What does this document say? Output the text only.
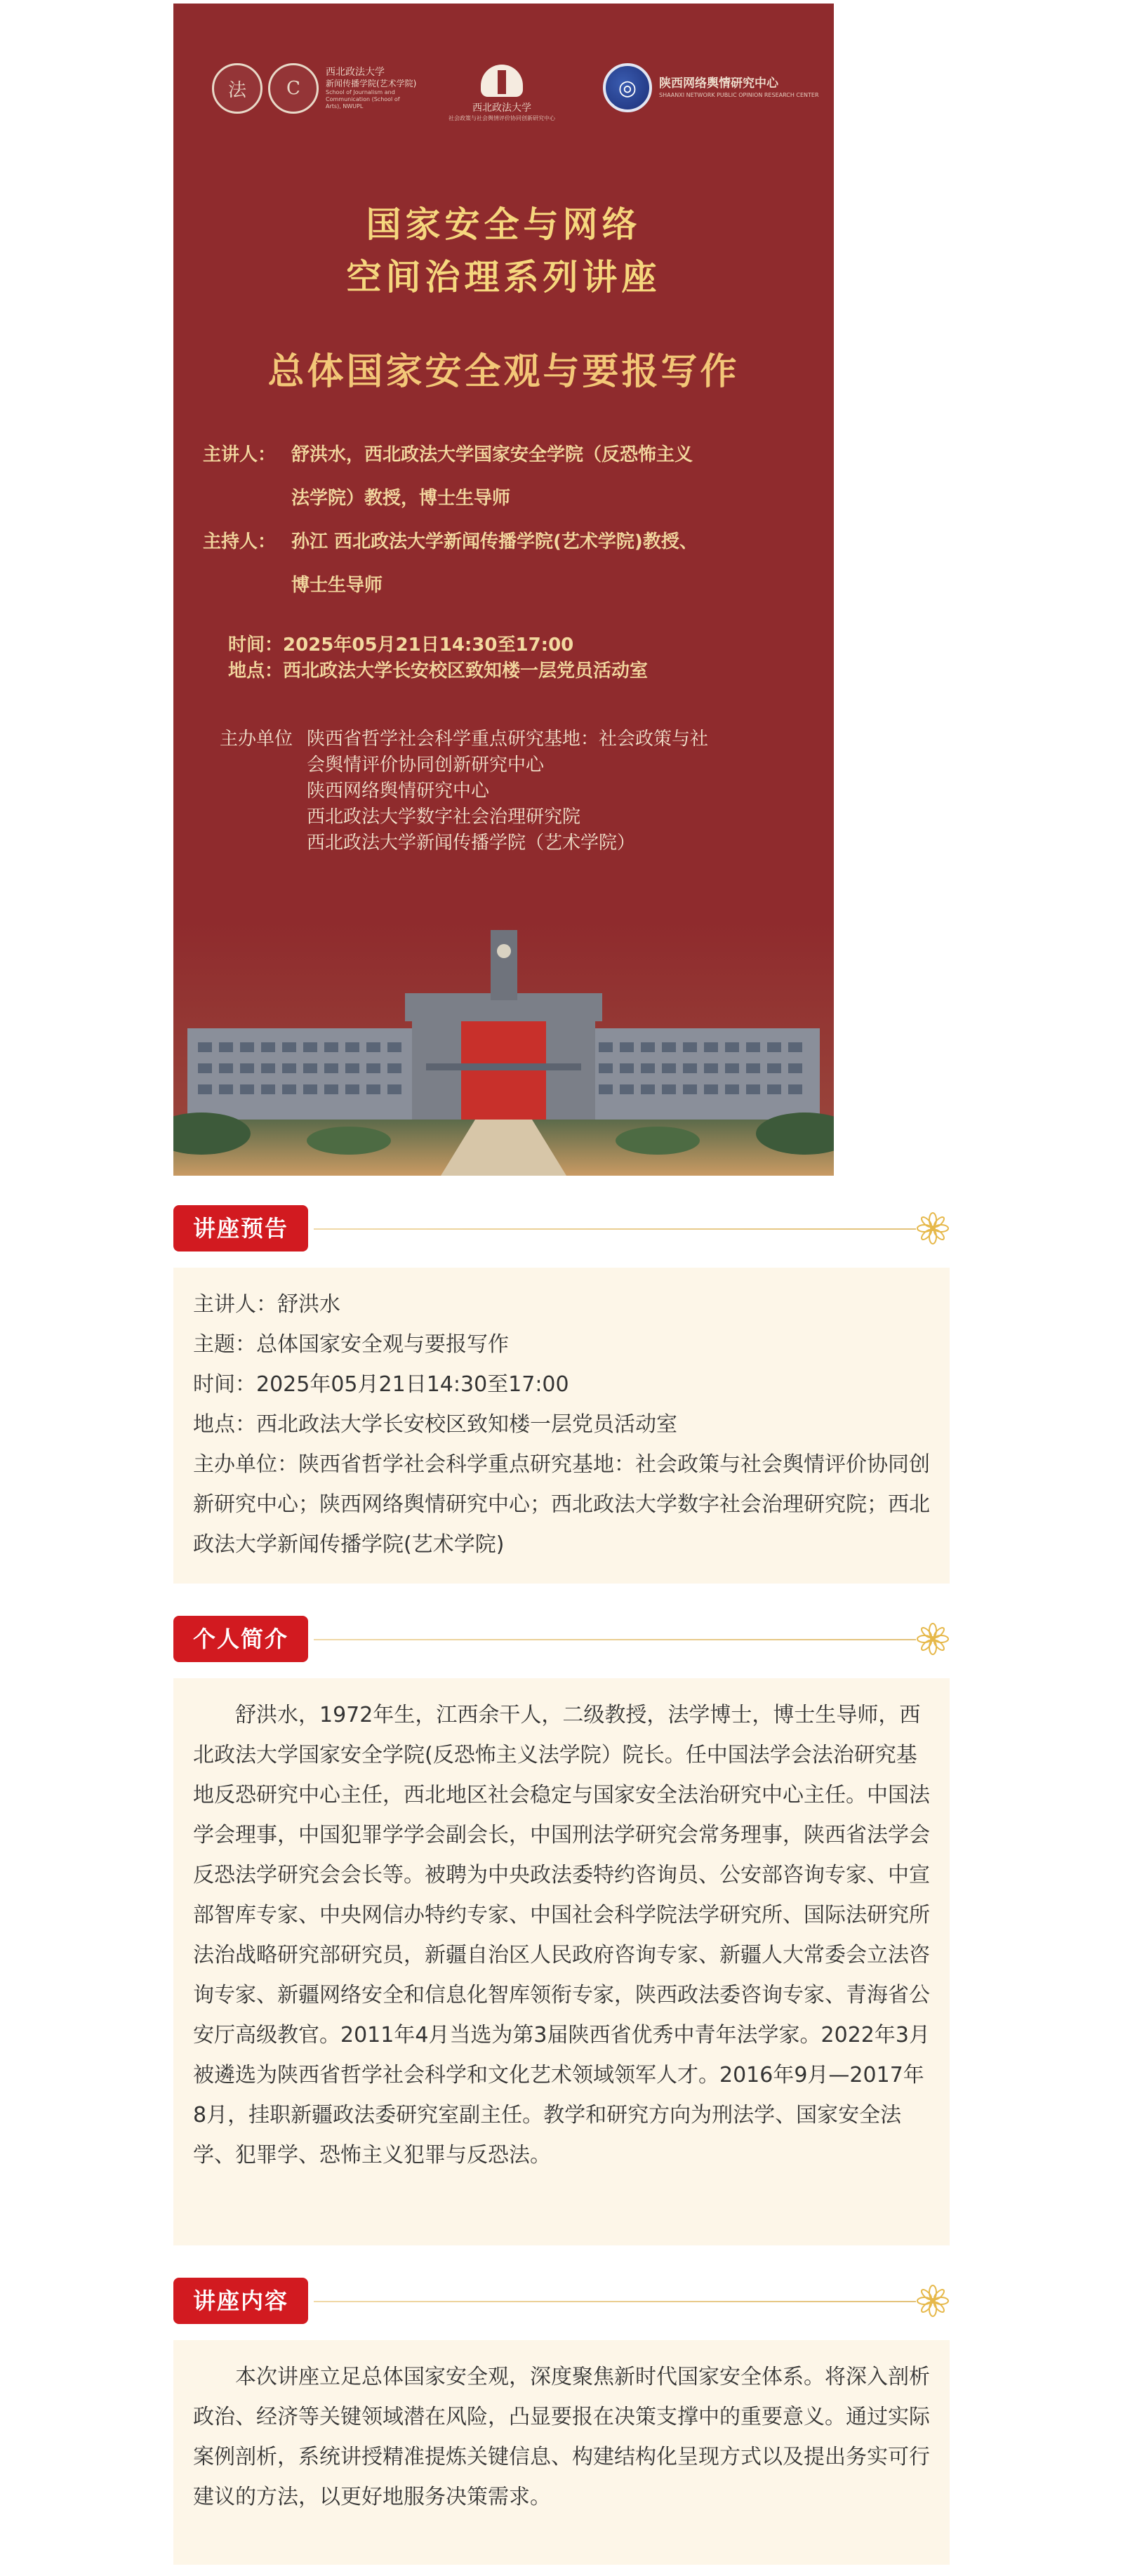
法	C
西北政法大学
新闻传播学院(艺术学院)
School of Journalism and Communication (School of Arts), NWUPL	西北政法大学
社会政策与社会舆情评价协同创新研究中心
◎	陕西网络舆情研究中心
SHAANXI NETWORK PUBLIC OPINION RESEARCH CENTER
国家安全与网络
空间治理系列讲座
总体国家安全观与要报写作
主讲人： 舒洪水，西北政法大学国家安全学院（反恐怖主义
法学院）教授，博士生导师
主持人： 孙江 西北政法大学新闻传播学院(艺术学院)教授、
博士生导师
时间：2025年05月21日14:30至17:00
地点：西北政法大学长安校区致知楼一层党员活动室
主办单位 陕西省哲学社会科学重点研究基地：社会政策与社
会舆情评价协同创新研究中心
陕西网络舆情研究中心
西北政法大学数字社会治理研究院
西北政法大学新闻传播学院（艺术学院）
讲座预告

主讲人：舒洪水

主题：总体国家安全观与要报写作

时间：2025年05月21日14:30至17:00

地点：西北政法大学长安校区致知楼一层党员活动室

主办单位：陕西省哲学社会科学重点研究基地：社会政策与社会舆情评价协同创新研究中心；陕西网络舆情研究中心；西北政法大学数字社会治理研究院；西北政法大学新闻传播学院(艺术学院)

个人简介

舒洪水，1972年生，江西余干人，二级教授，法学博士，博士生导师，西北政法大学国家安全学院(反恐怖主义法学院）院长。任中国法学会法治研究基地反恐研究中心主任，西北地区社会稳定与国家安全法治研究中心主任。中国法学会理事，中国犯罪学学会副会长，中国刑法学研究会常务理事，陕西省法学会反恐法学研究会会长等。被聘为中央政法委特约咨询员、公安部咨询专家、中宣部智库专家、中央网信办特约专家、中国社会科学院法学研究所、国际法研究所法治战略研究部研究员，新疆自治区人民政府咨询专家、新疆人大常委会立法咨询专家、新疆网络安全和信息化智库领衔专家，陕西政法委咨询专家、青海省公安厅高级教官。2011年4月当选为第3届陕西省优秀中青年法学家。2022年3月被遴选为陕西省哲学社会科学和文化艺术领域领军人才。2016年9月—2017年8月，挂职新疆政法委研究室副主任。教学和研究方向为刑法学、国家安全法学、犯罪学、恐怖主义犯罪与反恐法。

讲座内容

本次讲座立足总体国家安全观，深度聚焦新时代国家安全体系。将深入剖析政治、经济等关键领域潜在风险，凸显要报在决策支撑中的重要意义。通过实际案例剖析，系统讲授精准提炼关键信息、构建结构化呈现方式以及提出务实可行建议的方法，以更好地服务决策需求。
